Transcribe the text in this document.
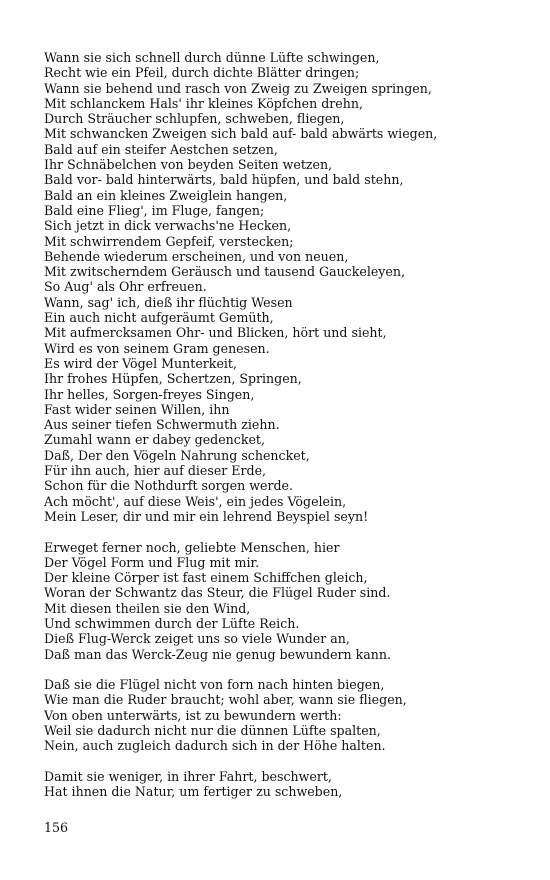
Wann sie sich schnell durch dünne Lüfte schwingen,
Recht wie ein Pfeil, durch dichte Blätter dringen;
Wann sie behend und rasch von Zweig zu Zweigen springen,
Mit schlanckem Hals' ihr kleines Köpfchen drehn,
Durch Sträucher schlupfen, schweben, fliegen,
Mit schwancken Zweigen sich bald auf- bald abwärts wiegen,
Bald auf ein steifer Aestchen setzen,
Ihr Schnäbelchen von beyden Seiten wetzen,
Bald vor- bald hinterwärts, bald hüpfen, und bald stehn,
Bald an ein kleines Zweiglein hangen,
Bald eine Flieg', im Fluge, fangen;
Sich jetzt in dick verwachs'ne Hecken,
Mit schwirrendem Gepfeif, verstecken;
Behende wiederum erscheinen, und von neuen,
Mit zwitscherndem Geräusch und tausend Gauckeleyen,
So Aug' als Ohr erfreuen.
Wann, sag' ich, dieß ihr flüchtig Wesen
Ein auch nicht aufgeräumt Gemüth,
Mit aufmercksamen Ohr- und Blicken, hört und sieht,
Wird es von seinem Gram genesen.
Es wird der Vögel Munterkeit,
Ihr frohes Hüpfen, Schertzen, Springen,
Ihr helles, Sorgen-freyes Singen,
Fast wider seinen Willen, ihn
Aus seiner tiefen Schwermuth ziehn.
Zumahl wann er dabey gedencket,
Daß, Der den Vögeln Nahrung schencket,
Für ihn auch, hier auf dieser Erde,
Schon für die Nothdurft sorgen werde.
Ach möcht', auf diese Weis', ein jedes Vögelein,
Mein Leser, dir und mir ein lehrend Beyspiel seyn!
Erweget ferner noch, geliebte Menschen, hier
Der Vögel Form und Flug mit mir.
Der kleine Cörper ist fast einem Schiffchen gleich,
Woran der Schwantz das Steur, die Flügel Ruder sind.
Mit diesen theilen sie den Wind,
Und schwimmen durch der Lüfte Reich.
Dieß Flug-Werck zeiget uns so viele Wunder an,
Daß man das Werck-Zeug nie genug bewundern kann.
Daß sie die Flügel nicht von forn nach hinten biegen,
Wie man die Ruder braucht; wohl aber, wann sie fliegen,
Von oben unterwärts, ist zu bewundern werth:
Weil sie dadurch nicht nur die dünnen Lüfte spalten,
Nein, auch zugleich dadurch sich in der Höhe halten.
Damit sie weniger, in ihrer Fahrt, beschwert,
Hat ihnen die Natur, um fertiger zu schweben,
156
